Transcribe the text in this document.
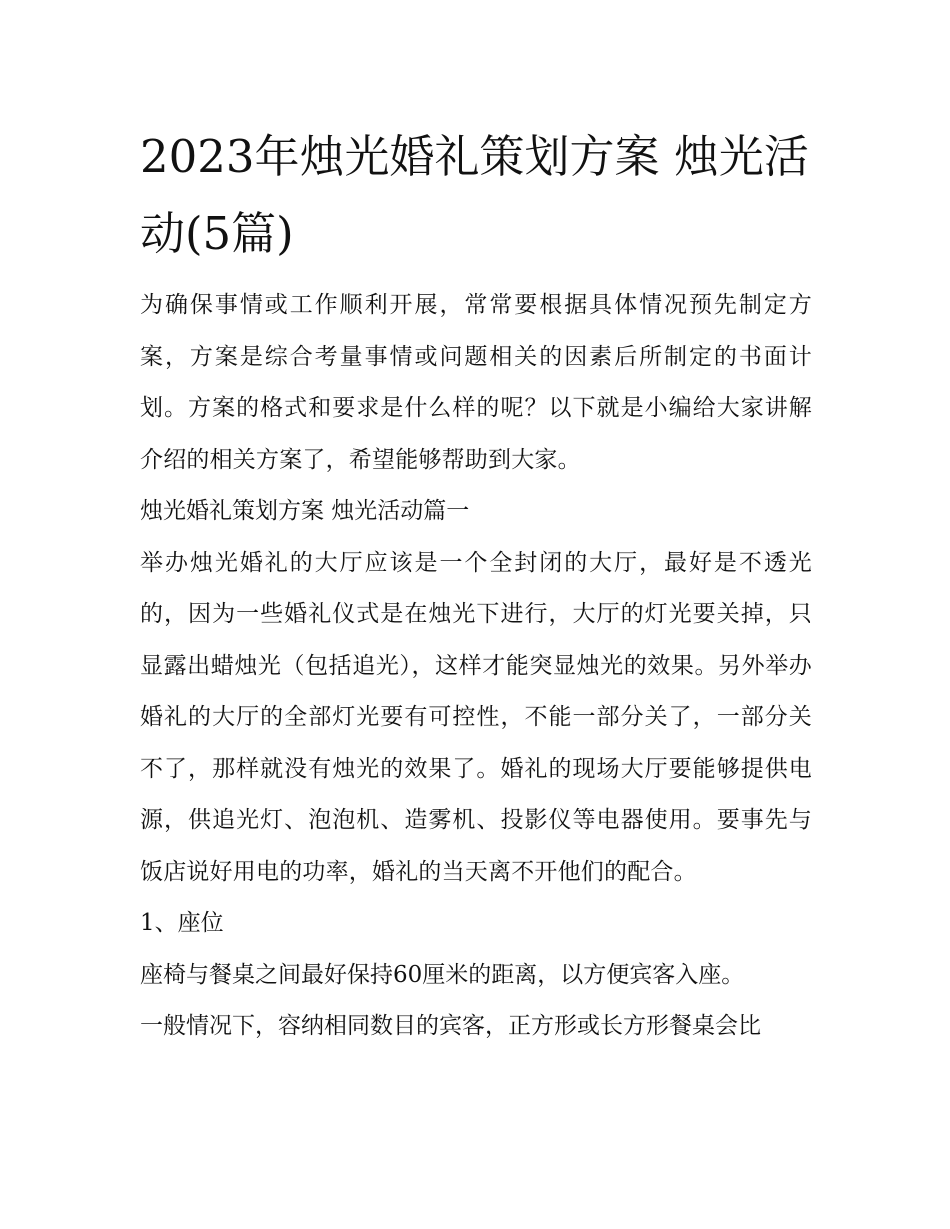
2023年烛光婚礼策划方案 烛光活动(5篇)

为确保事情或工作顺利开展，常常要根据具体情况预先制定方案，方案是综合考量事情或问题相关的因素后所制定的书面计划。方案的格式和要求是什么样的呢？以下就是小编给大家讲解介绍的相关方案了，希望能够帮助到大家。

烛光婚礼策划方案 烛光活动篇一

举办烛光婚礼的大厅应该是一个全封闭的大厅，最好是不透光的，因为一些婚礼仪式是在烛光下进行，大厅的灯光要关掉，只显露出蜡烛光（包括追光），这样才能突显烛光的效果。另外举办婚礼的大厅的全部灯光要有可控性，不能一部分关了，一部分关不了，那样就没有烛光的效果了。婚礼的现场大厅要能够提供电源，供追光灯、泡泡机、造雾机、投影仪等电器使用。要事先与饭店说好用电的功率，婚礼的当天离不开他们的配合。

1、座位

座椅与餐桌之间最好保持60厘米的距离，以方便宾客入座。

一般情况下，容纳相同数目的宾客，正方形或长方形餐桌会比
